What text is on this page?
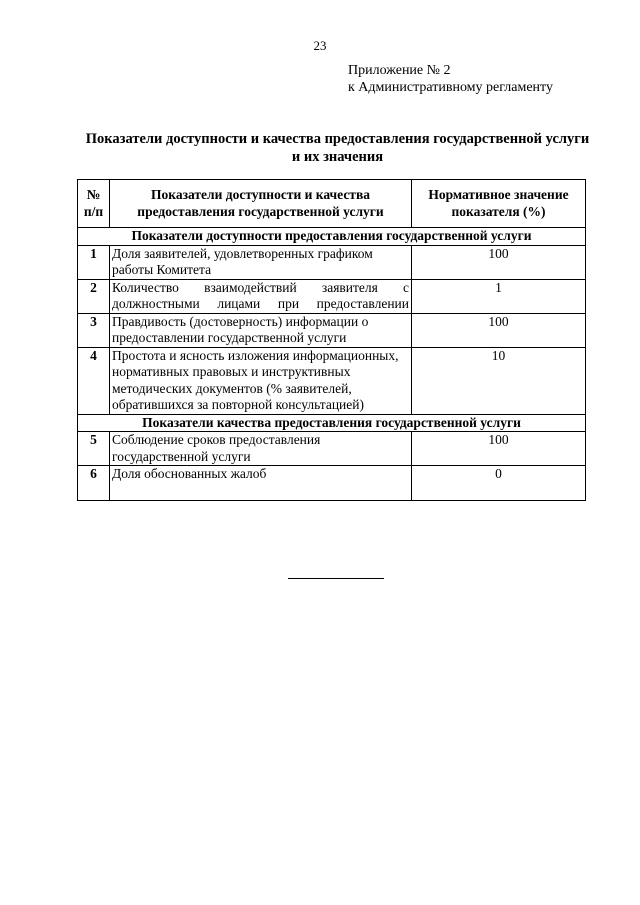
23
Приложение № 2
к Административному регламенту
Показатели доступности и качества предоставления государственной услуги и их значения
№ п/п	Показатели доступности и качества предоставления государственной услуги	Нормативное значение показателя (%)
Показатели доступности предоставления государственной услуги		
1	Доля заявителей, удовлетворенных графиком работы Комитета	100
2	Количество взаимодействий заявителя с должностными лицами при предоставлении	1
3	Правдивость (достоверность) информации о предоставлении государственной услуги	100
4	Простота и ясность изложения информационных, нормативных правовых и инструктивных методических документов (% заявителей, обратившихся за повторной консультацией)	10
Показатели качества предоставления государственной услуги		
5	Соблюдение сроков предоставления государственной услуги	100
6	Доля обоснованных жалоб	0
